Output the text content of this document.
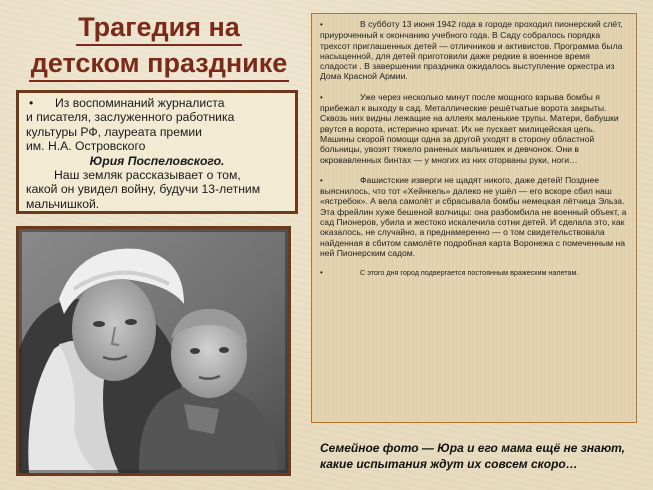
Трагедия на
детском празднике
• Из воспоминаний журналиста
и писателя, заслуженного работника
культуры РФ, лауреата премии
им. Н.А. Островского
Юрия Поспеловского.
Наш земляк рассказывает о том,
какой он увидел войну, будучи 13-летним
мальчишкой.

•	В субботу 13 июня 1942 года в городе проходил пионерский слёт, приуроченный к окончанию учебного года. В Саду собралось порядка трехсот приглашенных детей — отличников и активистов. Программа была насыщенной, для детей приготовили даже редкие в военное время сладости . В завершении праздника ожидалось выступление оркестра из Дома Красной Армии.

•	Уже через несколько минут после мощного взрыва бомбы я прибежал к выходу в сад. Металлические решётчатые ворота закрыты. Сквозь них видны лежащие на аллеях маленькие трупы. Матери, бабушки рвутся в ворота, истерично кричат. Их не пускает милицейская цепь. Машины скорой помощи одна за другой уходят в сторону областной больницы, увозят тяжело раненых мальчишек и девчонок. Они в окровавленных бинтах — у многих из них оторваны руки, ноги…

•	Фашистские изверги не щадят никого, даже детей! Позднее выяснилось, что тот «Хейнкель» далеко не ушёл — его вскоре сбил наш «ястребок». А вела самолёт и сбрасывала бомбы немецкая лётчица Эльза. Эта фрейлин хуже бешеной волчицы: она разбомбила не военный объект, а сад Пионеров, убила и жестоко искалечила сотни детей. И сделала это, как оказалось, не случайно, а преднамеренно — о том свидетельствовала найденная в сбитом самолёте подробная карта Воронежа с помеченным на ней Пионерским садом.

•	С этого дня город подвергается постоянным вражеским налетам.

Семейное фото — Юра и его мама ещё не знают, какие испытания ждут их совсем скоро…
